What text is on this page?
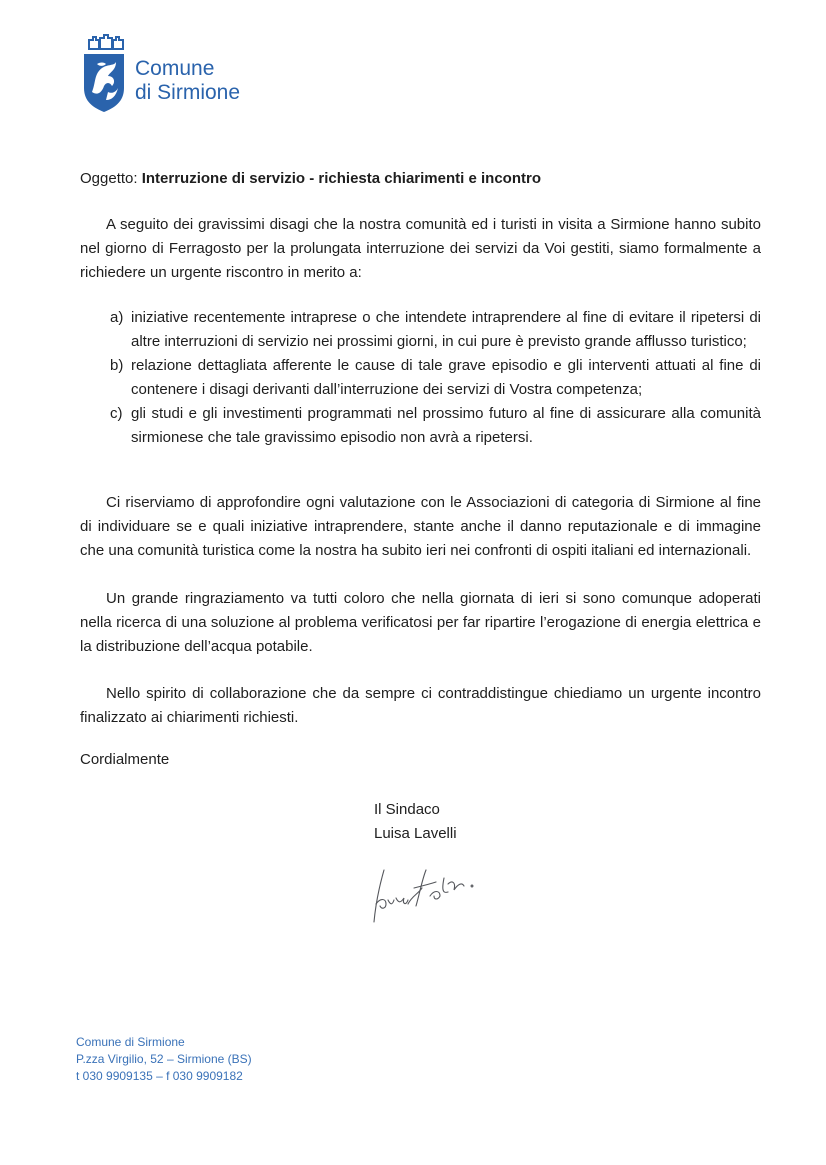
Comune
di Sirmione
Oggetto: Interruzione di servizio - richiesta chiarimenti e incontro

A seguito dei gravissimi disagi che la nostra comunità ed i turisti in visita a Sirmione hanno subito nel giorno di Ferragosto per la prolungata interruzione dei servizi da Voi gestiti, siamo formalmente a richiedere un urgente riscontro in merito a:

a) iniziative recentemente intraprese o che intendete intraprendere al fine di evitare il ripetersi di altre interruzioni di servizio nei prossimi giorni, in cui pure è previsto grande afflusso turistico;
b) relazione dettagliata afferente le cause di tale grave episodio e gli interventi attuati al fine di contenere i disagi derivanti dall’interruzione dei servizi di Vostra competenza;
c) gli studi e gli investimenti programmati nel prossimo futuro al fine di assicurare alla comunità sirmionese che tale gravissimo episodio non avrà a ripetersi.

Ci riserviamo di approfondire ogni valutazione con le Associazioni di categoria di Sirmione al fine di individuare se e quali iniziative intraprendere, stante anche il danno reputazionale e di immagine che una comunità turistica come la nostra ha subito ieri nei confronti di ospiti italiani ed internazionali.

Un grande ringraziamento va tutti coloro che nella giornata di ieri si sono comunque adoperati nella ricerca di una soluzione al problema verificatosi per far ripartire l’erogazione di energia elettrica e la distribuzione dell’acqua potabile.

Nello spirito di collaborazione che da sempre ci contraddistingue chiediamo un urgente incontro finalizzato ai chiarimenti richiesti.

Cordialmente
Il Sindaco
Luisa Lavelli
Comune di Sirmione
P.zza Virgilio, 52 – Sirmione (BS)
t 030 9909135 – f 030 9909182
